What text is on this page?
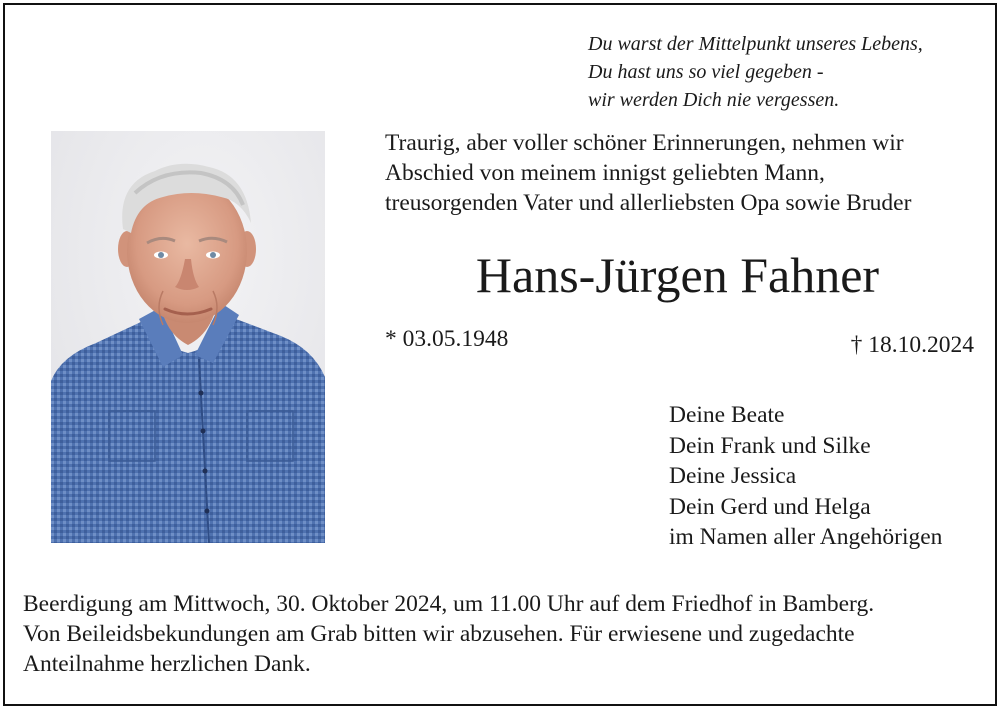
Du warst der Mittelpunkt unseres Lebens,
Du hast uns so viel gegeben -
wir werden Dich nie vergessen.
Traurig, aber voller schöner Erinnerungen, nehmen wir
Abschied von meinem innigst geliebten Mann,
treusorgenden Vater und allerliebsten Opa sowie Bruder
Hans-Jürgen Fahner
* 03.05.1948	† 18.10.2024
Deine Beate
Dein Frank und Silke
Deine Jessica
Dein Gerd und Helga
im Namen aller Angehörigen
Beerdigung am Mittwoch, 30. Oktober 2024, um 11.00 Uhr auf dem Friedhof in Bamberg.
Von Beileidsbekundungen am Grab bitten wir abzusehen. Für erwiesene und zugedachte
Anteilnahme herzlichen Dank.
